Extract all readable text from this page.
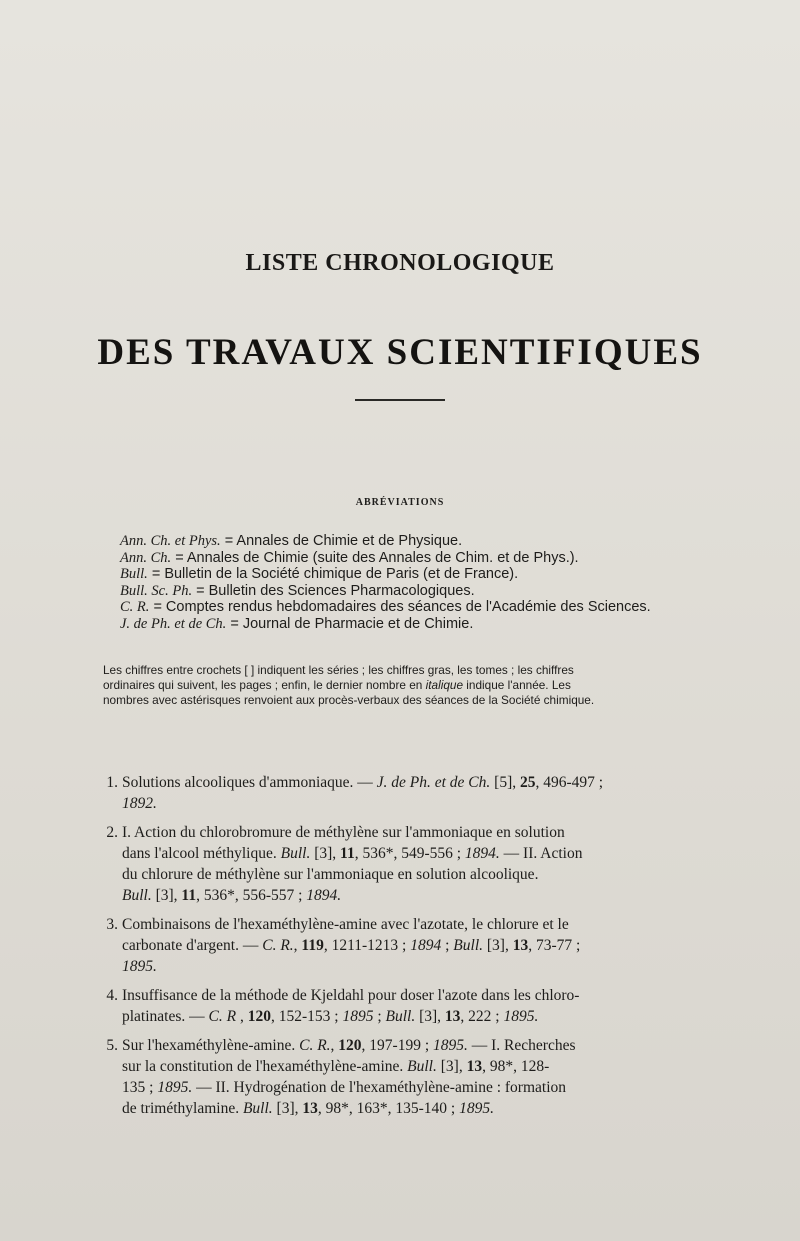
LISTE CHRONOLOGIQUE
DES TRAVAUX SCIENTIFIQUES
ABRÉVIATIONS
Ann. Ch. et Phys. = Annales de Chimie et de Physique.
Ann. Ch. = Annales de Chimie (suite des Annales de Chim. et de Phys.).
Bull. = Bulletin de la Société chimique de Paris (et de France).
Bull. Sc. Ph. = Bulletin des Sciences Pharmacologiques.
C. R. = Comptes rendus hebdomadaires des séances de l'Académie des Sciences.
J. de Ph. et de Ch. = Journal de Pharmacie et de Chimie.
Les chiffres entre crochets [ ] indiquent les séries ; les chiffres gras, les tomes ; les chiffres
ordinaires qui suivent, les pages ; enfin, le dernier nombre en italique indique l'année. Les
nombres avec astérisques renvoient aux procès-verbaux des séances de la Société chimique.
1. Solutions alcooliques d'ammoniaque. — J. de Ph. et de Ch. [5], 25, 496-497 ;
1892.
2. I. Action du chlorobromure de méthylène sur l'ammoniaque en solution
dans l'alcool méthylique. Bull. [3], 11, 536*, 549-556 ; 1894. — II. Action
du chlorure de méthylène sur l'ammoniaque en solution alcoolique.
Bull. [3], 11, 536*, 556-557 ; 1894.
3. Combinaisons de l'hexaméthylène-amine avec l'azotate, le chlorure et le
carbonate d'argent. — C. R., 119, 1211-1213 ; 1894 ; Bull. [3], 13, 73-77 ;
1895.
4. Insuffisance de la méthode de Kjeldahl pour doser l'azote dans les chloro-
platinates. — C. R , 120, 152-153 ; 1895 ; Bull. [3], 13, 222 ; 1895.
5. Sur l'hexaméthylène-amine. C. R., 120, 197-199 ; 1895. — I. Recherches
sur la constitution de l'hexaméthylène-amine. Bull. [3], 13, 98*, 128-
135 ; 1895. — II. Hydrogénation de l'hexaméthylène-amine : formation
de triméthylamine. Bull. [3], 13, 98*, 163*, 135-140 ; 1895.
